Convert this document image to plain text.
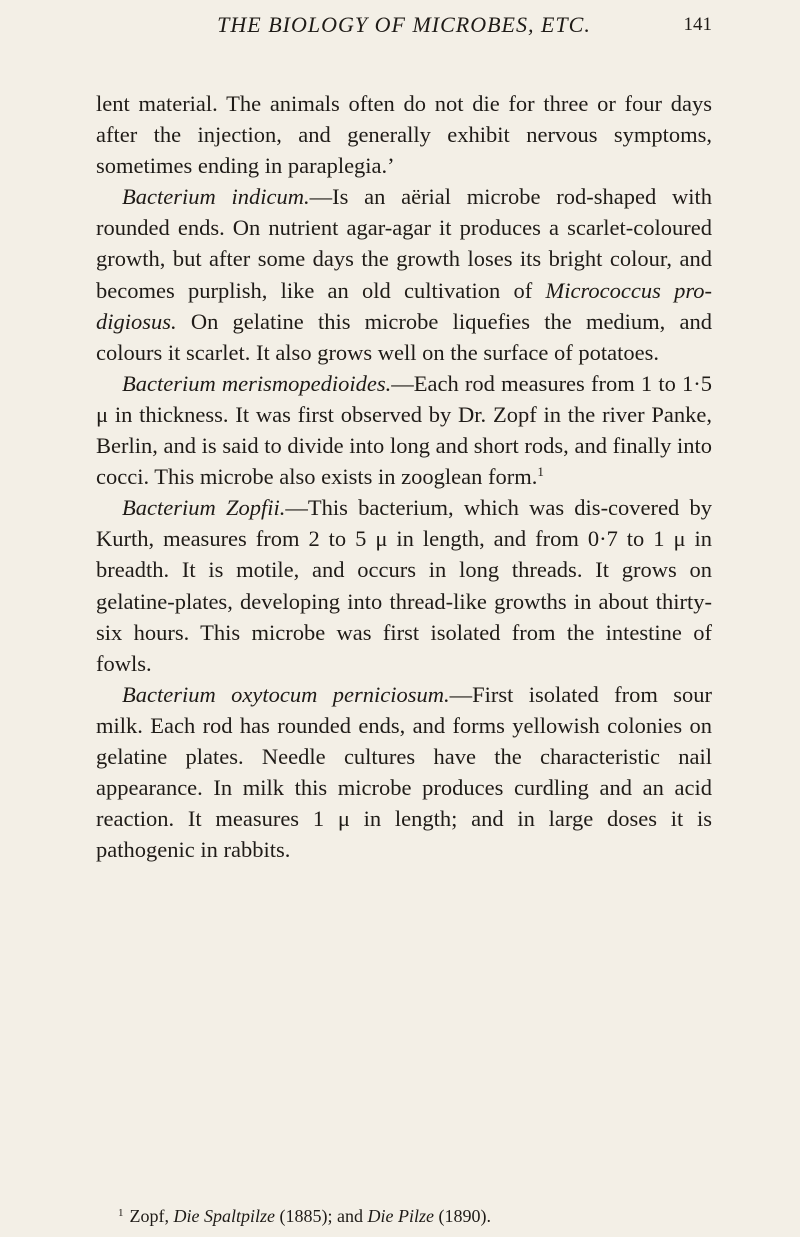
THE BIOLOGY OF MICROBES, ETC.	141

lent material. The animals often do not die for three or four days after the injection, and generally exhibit nervous symptoms, sometimes ending in paraplegia.’

Bacterium indicum.—Is an aërial microbe rod-shaped with rounded ends. On nutrient agar-agar it produces a scarlet-coloured growth, but after some days the growth loses its bright colour, and becomes purplish, like an old cultivation of Micrococcus pro-digiosus. On gelatine this microbe liquefies the medium, and colours it scarlet. It also grows well on the surface of potatoes.

Bacterium merismopedioides.—Each rod measures from 1 to 1·5 μ in thickness. It was first observed by Dr. Zopf in the river Panke, Berlin, and is said to divide into long and short rods, and finally into cocci. This microbe also exists in zooglean form.$^1$

Bacterium Zopfii.—This bacterium, which was dis-covered by Kurth, measures from 2 to 5 μ in length, and from 0·7 to 1 μ in breadth. It is motile, and occurs in long threads. It grows on gelatine-plates, developing into thread-like growths in about thirty-six hours. This microbe was first isolated from the intestine of fowls.

Bacterium oxytocum perniciosum.—First isolated from sour milk. Each rod has rounded ends, and forms yellowish colonies on gelatine plates. Needle cultures have the characteristic nail appearance. In milk this microbe produces curdling and an acid reaction. It measures 1 μ in length; and in large doses it is pathogenic in rabbits.

$^1$ Zopf, Die Spaltpilze (1885); and Die Pilze (1890).
